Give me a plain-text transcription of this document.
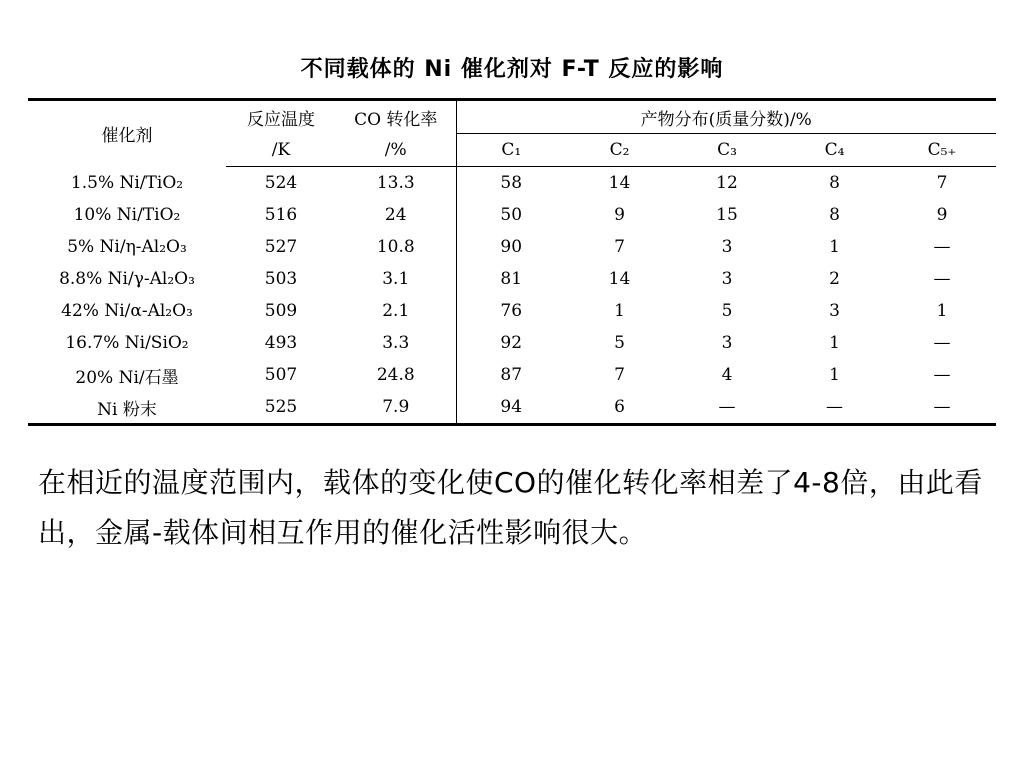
不同载体的 Ni 催化剂对 F-T 反应的影响
催化剂	反应温度	CO 转化率	产物分布(质量分数)/%				
	/K	/%	C₁	C₂	C₃	C₄	C₅₊
1.5% Ni/TiO₂	524	13.3	58	14	12	8	7
10% Ni/TiO₂	516	24	50	9	15	8	9
5% Ni/η-Al₂O₃	527	10.8	90	7	3	1	—
8.8% Ni/γ-Al₂O₃	503	3.1	81	14	3	2	—
42% Ni/α-Al₂O₃	509	2.1	76	1	5	3	1
16.7% Ni/SiO₂	493	3.3	92	5	3	1	—
20% Ni/石墨	507	24.8	87	7	4	1	—
Ni 粉末	525	7.9	94	6	—	—	—
在相近的温度范围内，载体的变化使CO的催化转化率相差了4-8倍，由此看出，金属-载体间相互作用的催化活性影响很大。
